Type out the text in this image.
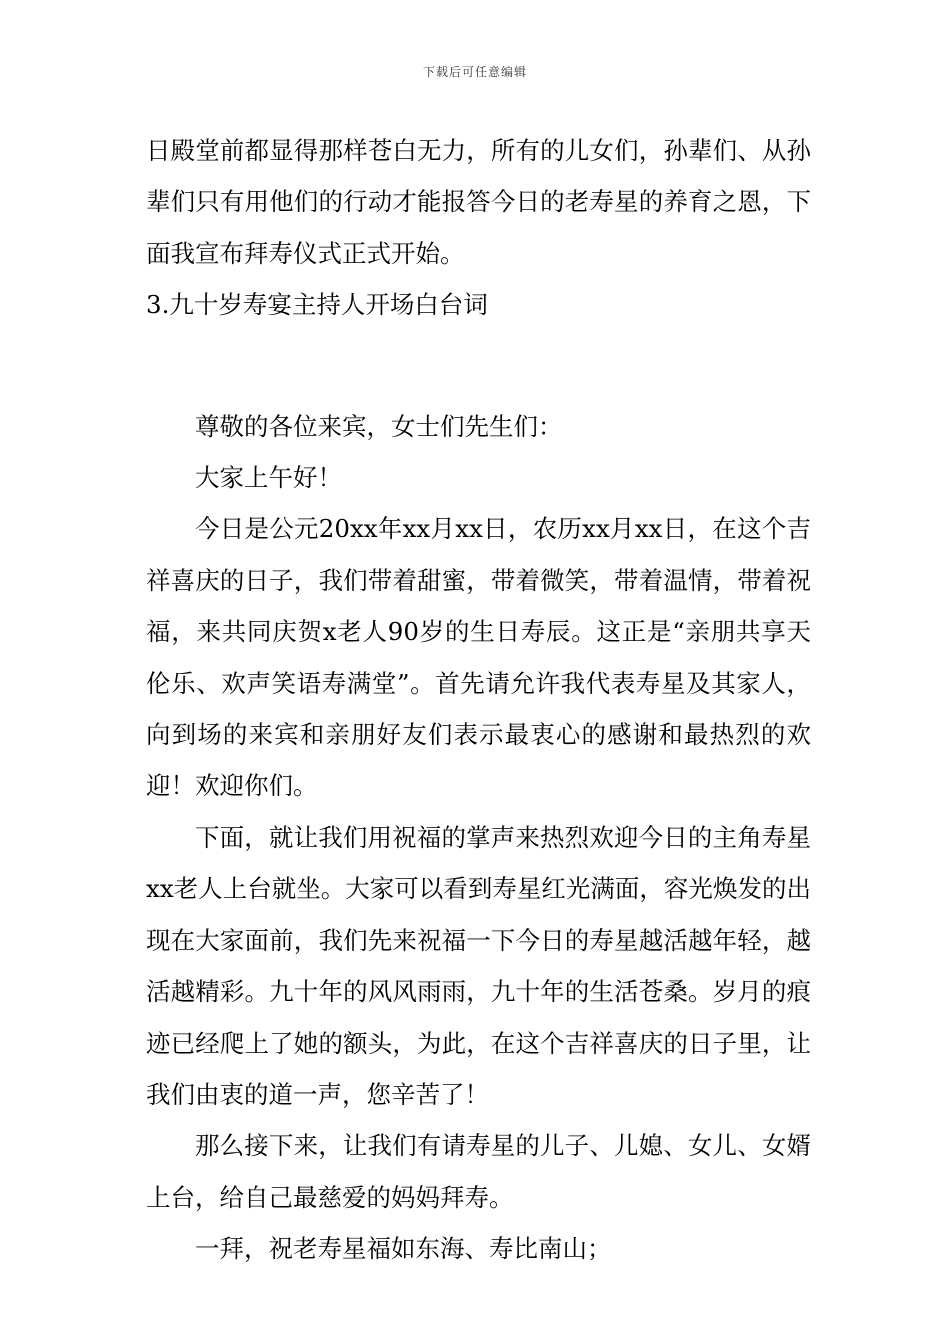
下载后可任意编辑

日殿堂前都显得那样苍白无力，所有的儿女们，孙辈们、从孙辈们只有用他们的行动才能报答今日的老寿星的养育之恩，下面我宣布拜寿仪式正式开始。

3.九十岁寿宴主持人开场白台词

尊敬的各位来宾，女士们先生们：

大家上午好！

今日是公元20xx年xx月xx日，农历xx月xx日，在这个吉祥喜庆的日子，我们带着甜蜜，带着微笑，带着温情，带着祝福，来共同庆贺x老人90岁的生日寿辰。这正是“亲朋共享天伦乐、欢声笑语寿满堂”。首先请允许我代表寿星及其家人，向到场的来宾和亲朋好友们表示最衷心的感谢和最热烈的欢迎！欢迎你们。

下面，就让我们用祝福的掌声来热烈欢迎今日的主角寿星xx老人上台就坐。大家可以看到寿星红光满面，容光焕发的出现在大家面前，我们先来祝福一下今日的寿星越活越年轻，越活越精彩。九十年的风风雨雨，九十年的生活苍桑。岁月的痕迹已经爬上了她的额头，为此，在这个吉祥喜庆的日子里，让我们由衷的道一声，您辛苦了！

那么接下来，让我们有请寿星的儿子、儿媳、女儿、女婿上台，给自己最慈爱的妈妈拜寿。

一拜，祝老寿星福如东海、寿比南山；
